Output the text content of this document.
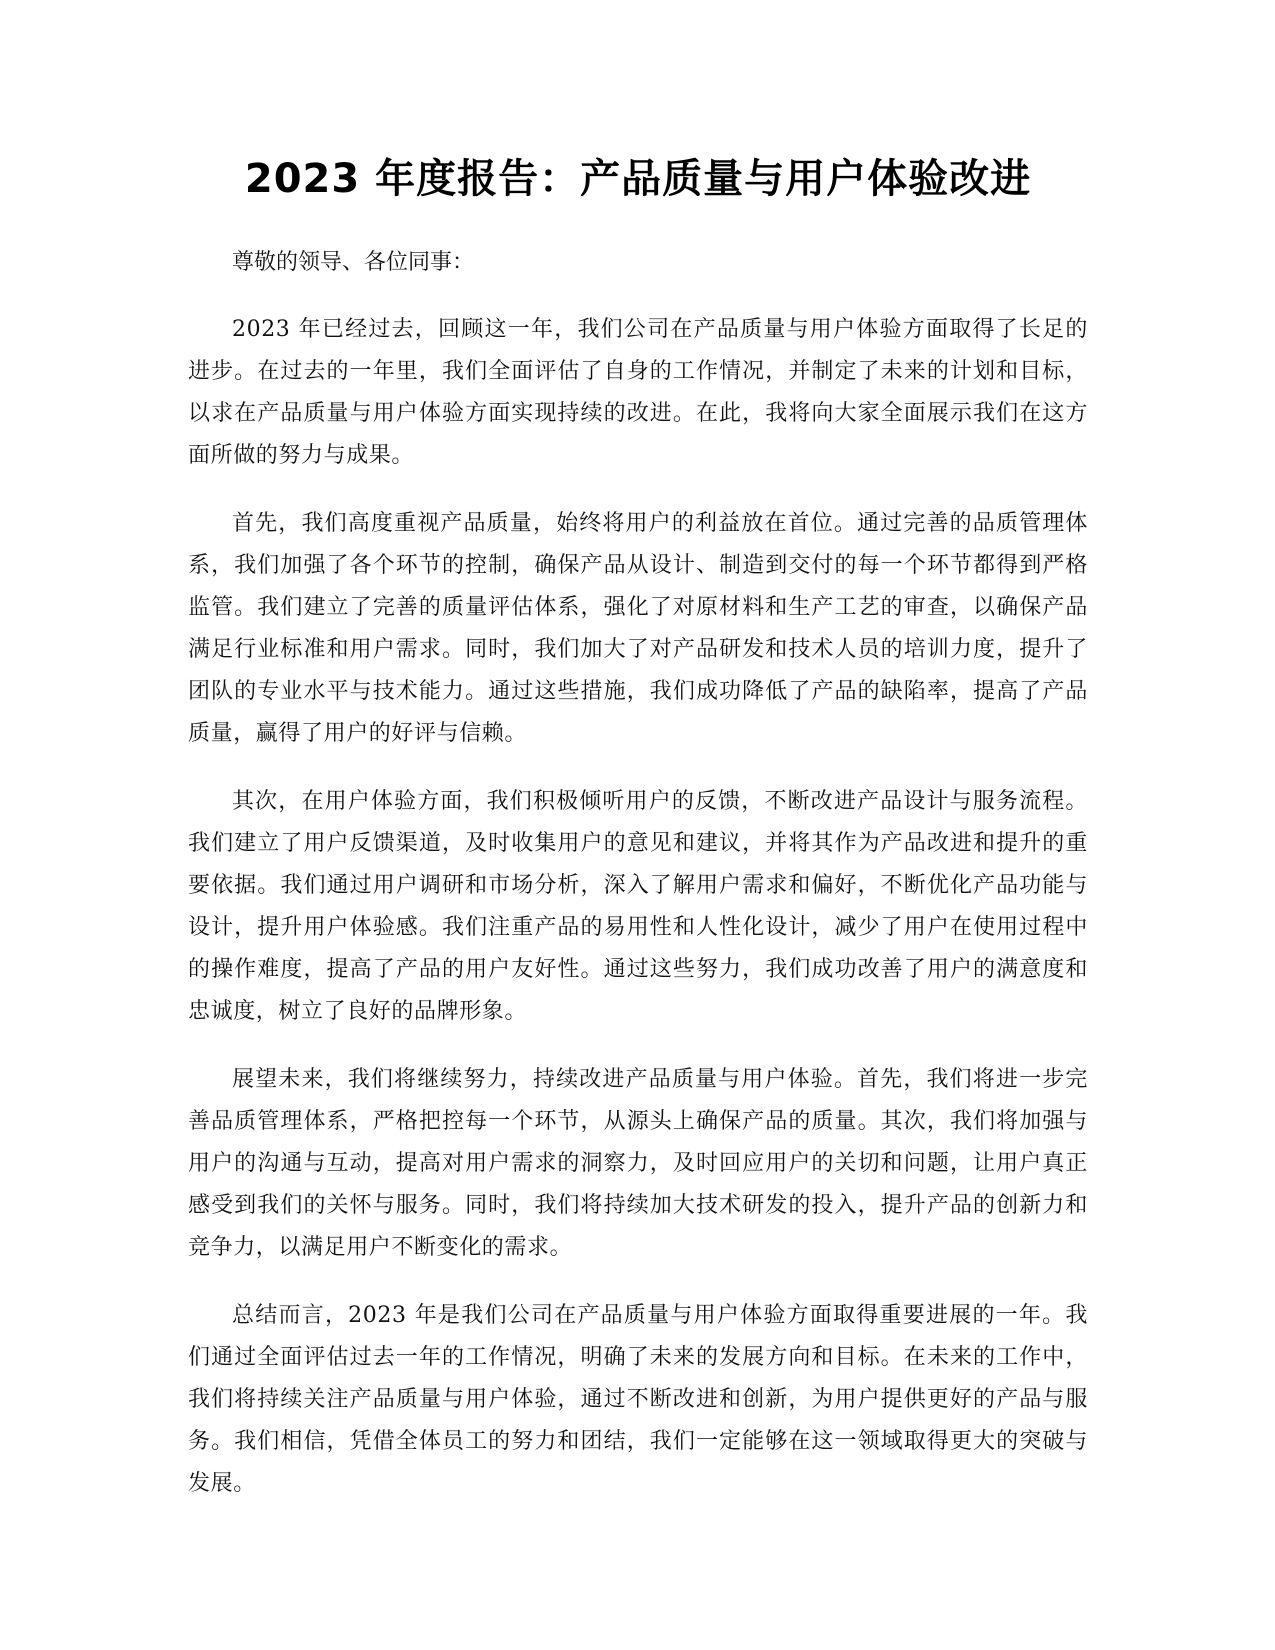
2023 年度报告：产品质量与用户体验改进

尊敬的领导、各位同事：

2023 年已经过去，回顾这一年，我们公司在产品质量与用户体验方面取得了长足的进步。在过去的一年里，我们全面评估了自身的工作情况，并制定了未来的计划和目标，以求在产品质量与用户体验方面实现持续的改进。在此，我将向大家全面展示我们在这方面所做的努力与成果。

首先，我们高度重视产品质量，始终将用户的利益放在首位。通过完善的品质管理体系，我们加强了各个环节的控制，确保产品从设计、制造到交付的每一个环节都得到严格监管。我们建立了完善的质量评估体系，强化了对原材料和生产工艺的审查，以确保产品满足行业标准和用户需求。同时，我们加大了对产品研发和技术人员的培训力度，提升了团队的专业水平与技术能力。通过这些措施，我们成功降低了产品的缺陷率，提高了产品质量，赢得了用户的好评与信赖。

其次，在用户体验方面，我们积极倾听用户的反馈，不断改进产品设计与服务流程。我们建立了用户反馈渠道，及时收集用户的意见和建议，并将其作为产品改进和提升的重要依据。我们通过用户调研和市场分析，深入了解用户需求和偏好，不断优化产品功能与设计，提升用户体验感。我们注重产品的易用性和人性化设计，减少了用户在使用过程中的操作难度，提高了产品的用户友好性。通过这些努力，我们成功改善了用户的满意度和忠诚度，树立了良好的品牌形象。

展望未来，我们将继续努力，持续改进产品质量与用户体验。首先，我们将进一步完善品质管理体系，严格把控每一个环节，从源头上确保产品的质量。其次，我们将加强与用户的沟通与互动，提高对用户需求的洞察力，及时回应用户的关切和问题，让用户真正感受到我们的关怀与服务。同时，我们将持续加大技术研发的投入，提升产品的创新力和竞争力，以满足用户不断变化的需求。

总结而言，2023 年是我们公司在产品质量与用户体验方面取得重要进展的一年。我们通过全面评估过去一年的工作情况，明确了未来的发展方向和目标。在未来的工作中，我们将持续关注产品质量与用户体验，通过不断改进和创新，为用户提供更好的产品与服务。我们相信，凭借全体员工的努力和团结，我们一定能够在这一领域取得更大的突破与发展。
